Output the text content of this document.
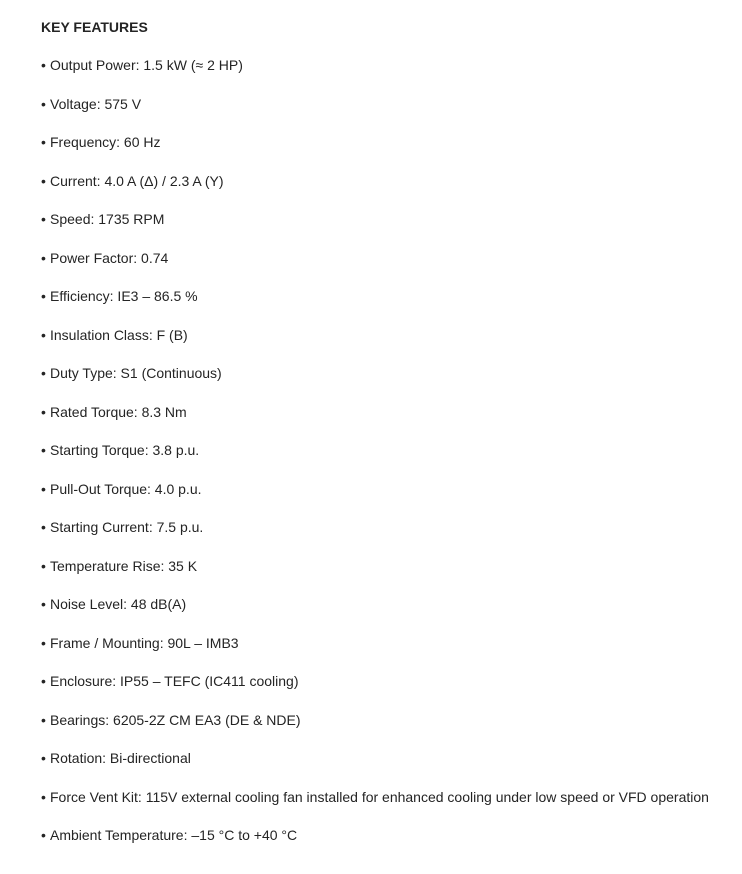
KEY FEATURES
• Output Power: 1.5 kW (≈ 2 HP)
• Voltage: 575 V
• Frequency: 60 Hz
• Current: 4.0 A (Δ) / 2.3 A (Y)
• Speed: 1735 RPM
• Power Factor: 0.74
• Efficiency: IE3 – 86.5 %
• Insulation Class: F (B)
• Duty Type: S1 (Continuous)
• Rated Torque: 8.3 Nm
• Starting Torque: 3.8 p.u.
• Pull-Out Torque: 4.0 p.u.
• Starting Current: 7.5 p.u.
• Temperature Rise: 35 K
• Noise Level: 48 dB(A)
• Frame / Mounting: 90L – IMB3
• Enclosure: IP55 – TEFC (IC411 cooling)
• Bearings: 6205-2Z CM EA3 (DE & NDE)
• Rotation: Bi-directional
• Force Vent Kit: 115V external cooling fan installed for enhanced cooling under low speed or VFD operation
• Ambient Temperature: –15 °C to +40 °C
